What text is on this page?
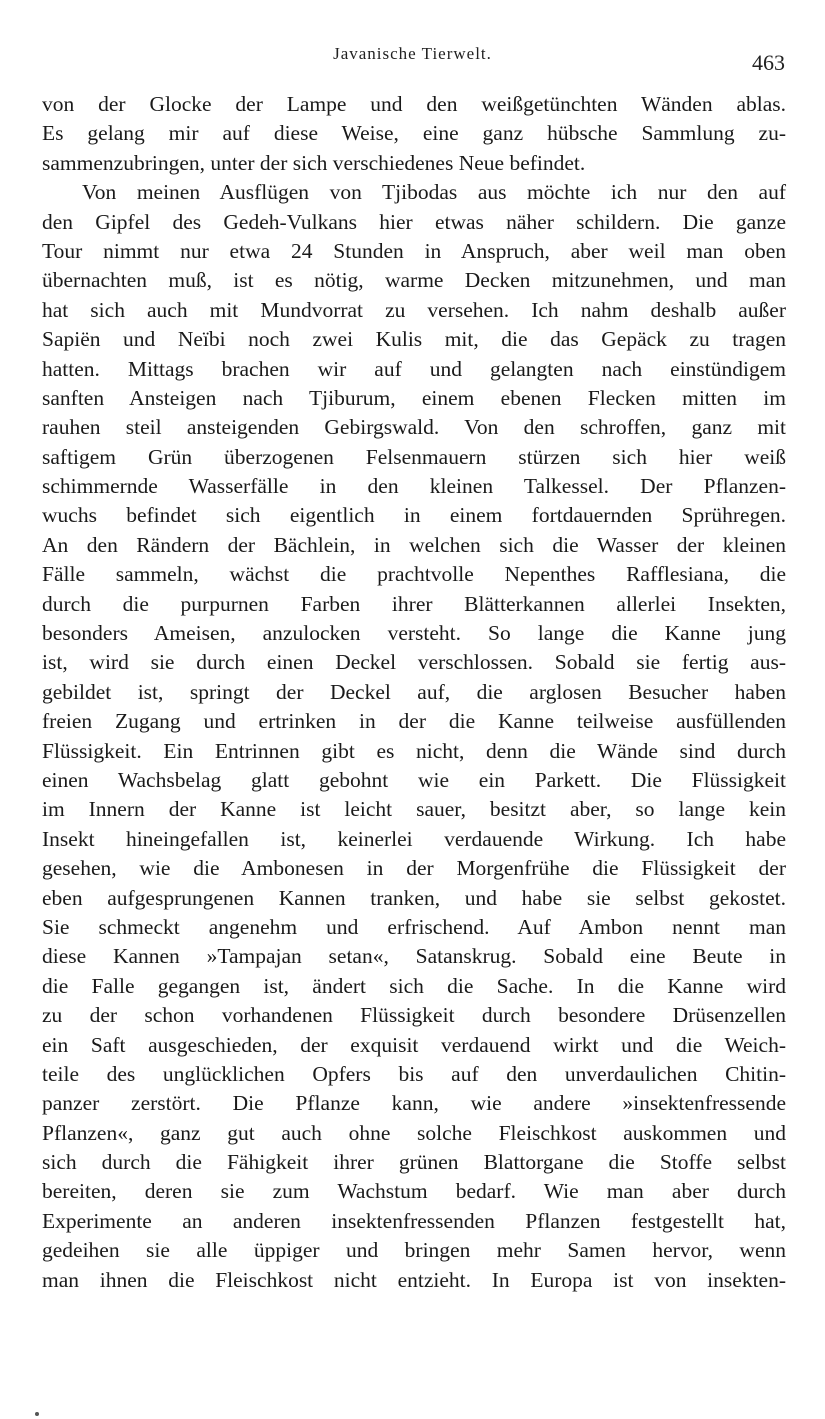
Javanische Tierwelt.	463
von der Glocke der Lampe und den weißgetünchten Wänden ablas.
Es gelang mir auf diese Weise, eine ganz hübsche Sammlung zu-
sammenzubringen, unter der sich verschiedenes Neue befindet.
Von meinen Ausflügen von Tjibodas aus möchte ich nur den auf
den Gipfel des Gedeh-Vulkans hier etwas näher schildern. Die ganze
Tour nimmt nur etwa 24 Stunden in Anspruch, aber weil man oben
übernachten muß, ist es nötig, warme Decken mitzunehmen, und man
hat sich auch mit Mundvorrat zu versehen. Ich nahm deshalb außer
Sapiën und Neïbi noch zwei Kulis mit, die das Gepäck zu tragen
hatten. Mittags brachen wir auf und gelangten nach einstündigem
sanften Ansteigen nach Tjiburum, einem ebenen Flecken mitten im
rauhen steil ansteigenden Gebirgswald. Von den schroffen, ganz mit
saftigem Grün überzogenen Felsenmauern stürzen sich hier weiß
schimmernde Wasserfälle in den kleinen Talkessel. Der Pflanzen-
wuchs befindet sich eigentlich in einem fortdauernden Sprühregen.
An den Rändern der Bächlein, in welchen sich die Wasser der kleinen
Fälle sammeln, wächst die prachtvolle Nepenthes Rafflesiana, die
durch die purpurnen Farben ihrer Blätterkannen allerlei Insekten,
besonders Ameisen, anzulocken versteht. So lange die Kanne jung
ist, wird sie durch einen Deckel verschlossen. Sobald sie fertig aus-
gebildet ist, springt der Deckel auf, die arglosen Besucher haben
freien Zugang und ertrinken in der die Kanne teilweise ausfüllenden
Flüssigkeit. Ein Entrinnen gibt es nicht, denn die Wände sind durch
einen Wachsbelag glatt gebohnt wie ein Parkett. Die Flüssigkeit
im Innern der Kanne ist leicht sauer, besitzt aber, so lange kein
Insekt hineingefallen ist, keinerlei verdauende Wirkung. Ich habe
gesehen, wie die Ambonesen in der Morgenfrühe die Flüssigkeit der
eben aufgesprungenen Kannen tranken, und habe sie selbst gekostet.
Sie schmeckt angenehm und erfrischend. Auf Ambon nennt man
diese Kannen »Tampajan setan«, Satanskrug. Sobald eine Beute in
die Falle gegangen ist, ändert sich die Sache. In die Kanne wird
zu der schon vorhandenen Flüssigkeit durch besondere Drüsenzellen
ein Saft ausgeschieden, der exquisit verdauend wirkt und die Weich-
teile des unglücklichen Opfers bis auf den unverdaulichen Chitin-
panzer zerstört. Die Pflanze kann, wie andere »insektenfressende
Pflanzen«, ganz gut auch ohne solche Fleischkost auskommen und
sich durch die Fähigkeit ihrer grünen Blattorgane die Stoffe selbst
bereiten, deren sie zum Wachstum bedarf. Wie man aber durch
Experimente an anderen insektenfressenden Pflanzen festgestellt hat,
gedeihen sie alle üppiger und bringen mehr Samen hervor, wenn
man ihnen die Fleischkost nicht entzieht. In Europa ist von insekten-
